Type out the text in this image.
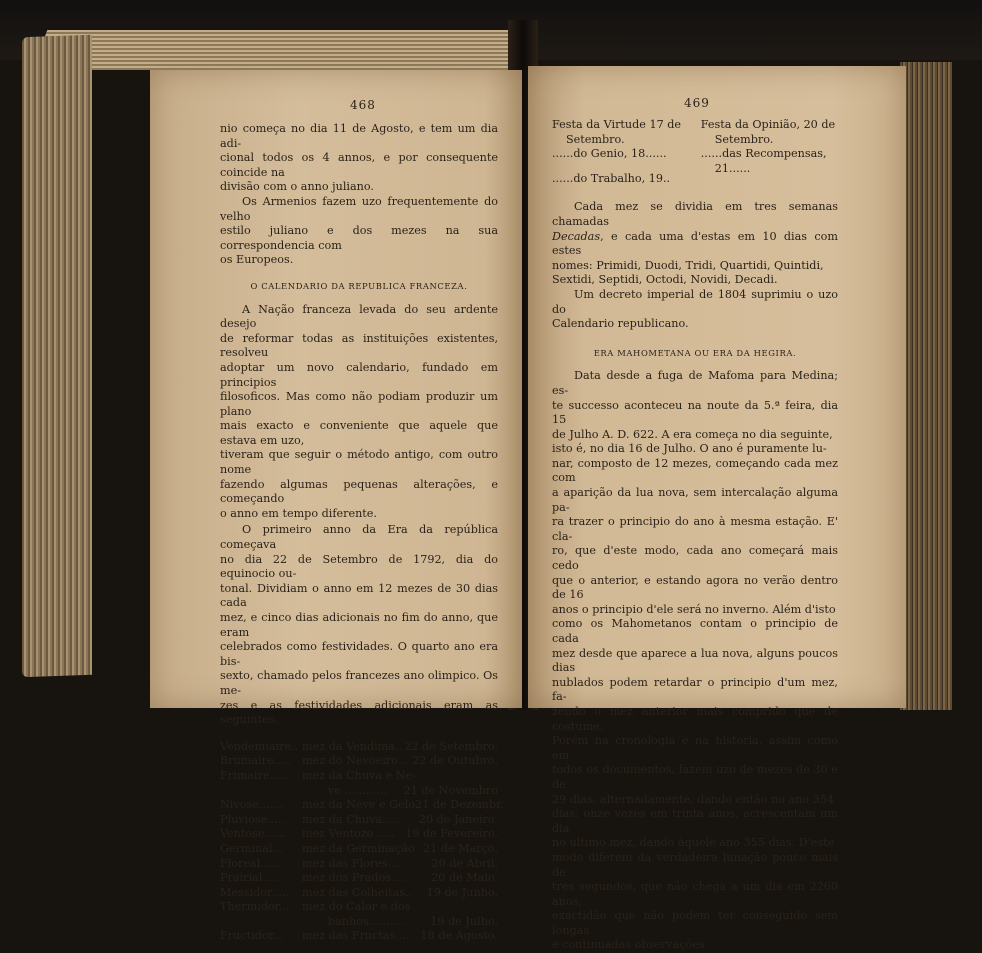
468

nio começa no dia 11 de Agosto, e tem um dia adi-

cional todos os 4 annos, e por consequente coincide na

divisão com o anno juliano.

Os Armenios fazem uzo frequentemente do velho

estilo juliano e dos mezes na sua correspondencia com

os Europeos.

O CALENDARIO DA REPUBLICA FRANCEZA.

A Nação franceza levada do seu ardente desejo

de reformar todas as instituições existentes, resolveu

adoptar um novo calendario, fundado em principios

filosoficos. Mas como não podiam produzir um plano

mais exacto e conveniente que aquele que estava em uzo,

tiveram que seguir o método antigo, com outro nome

fazendo algumas pequenas alterações, e começando

o anno em tempo diferente.

O primeiro anno da Era da república começava

no dia 22 de Setembro de 1792, dia do equinocio ou-

tonal. Dividiam o anno em 12 mezes de 30 dias cada

mez, e cinco dias adicionais no fim do anno, que eram

celebrados como festividades. O quarto ano era bis-

sexto, chamado pelos francezes ano olimpico. Os me-

zes e as festividades adicionais eram as seguintes.

Vendemiaire.. mez da Vendima.. 22 de Setembro.
Brumaire..... mez do Nevoeiro .. 22 de Outubro.
Frimaire..... mez da Chuva e Ne-
ve ............ 21 de Novembro
Nivose....... mez da Neve e Gelo 21 de Dezembr.
Pluviose..... mez da Chuva..... 20 de Janeiro.
Ventose...... mez Ventozo ..... 19 de Fevereiro.
Germinal... mez da Germinação 21 de Março.
Floreal...... mez das Flores....	20 de Abril.
Prairial...... mez dos Prados.... 20 de Maio.
Messidor..... mez das Colheitas.. 19 de Junho.
Thermidor... mez do Calor e dos
banhos.......... 19 de Julho.
Fructidor... mez das Fructas.... 18 de Agosto.
469

Festa da Virtude 17 de

Setembro.

......do Genio, 18......

......do Trabalho, 19..

Festa da Opinião, 20 de

Setembro.

......das Recompensas,

21......

Cada mez se dividia em tres semanas chamadas

Decadas, e cada uma d'estas em 10 dias com estes

nomes: Primidi, Duodi, Tridi, Quartidi, Quintidi,

Sextidi, Septidi, Octodi, Novidi, Decadi.

Um decreto imperial de 1804 suprimiu o uzo do

Calendario republicano.

ERA MAHOMETANA OU ERA DA HEGIRA.

Data desde a fuga de Mafoma para Medina; es-

te successo aconteceu na noute da 5.ª feira, dia 15

de Julho A. D. 622. A era começa no dia seguinte,

isto é, no dia 16 de Julho. O ano é puramente lu-

nar, composto de 12 mezes, começando cada mez com

a aparição da lua nova, sem intercalação alguma pa-

ra trazer o principio do ano à mesma estação. E' cla-

ro, que d'este modo, cada ano começará mais cedo

que o anterior, e estando agora no verão dentro de 16

anos o principio d'ele será no inverno. Além d'isto

como os Mahometanos contam o principio de cada

mez desde que aparece a lua nova, alguns poucos dias

nublados podem retardar o principio d'um mez, fa-

zendo o mez anterior mais comprido que de costume.

Porém na cronologia e na historia, assim como em

todos os documentos, fazem uzo de mezes de 30 e de

29 dias, alternadamente, dando então no ano 354

dias: onze vezes em trinta anos, acrescentam um dia

no último mez, dando àquele ano 355 dias. D'este

modo diferem da verdadeira lunação pouco mais de

tres segundos, que não chega a um dia em 2260 anos,

exactidão que não podem ter conseguido sem longas

e continuadas observações.
